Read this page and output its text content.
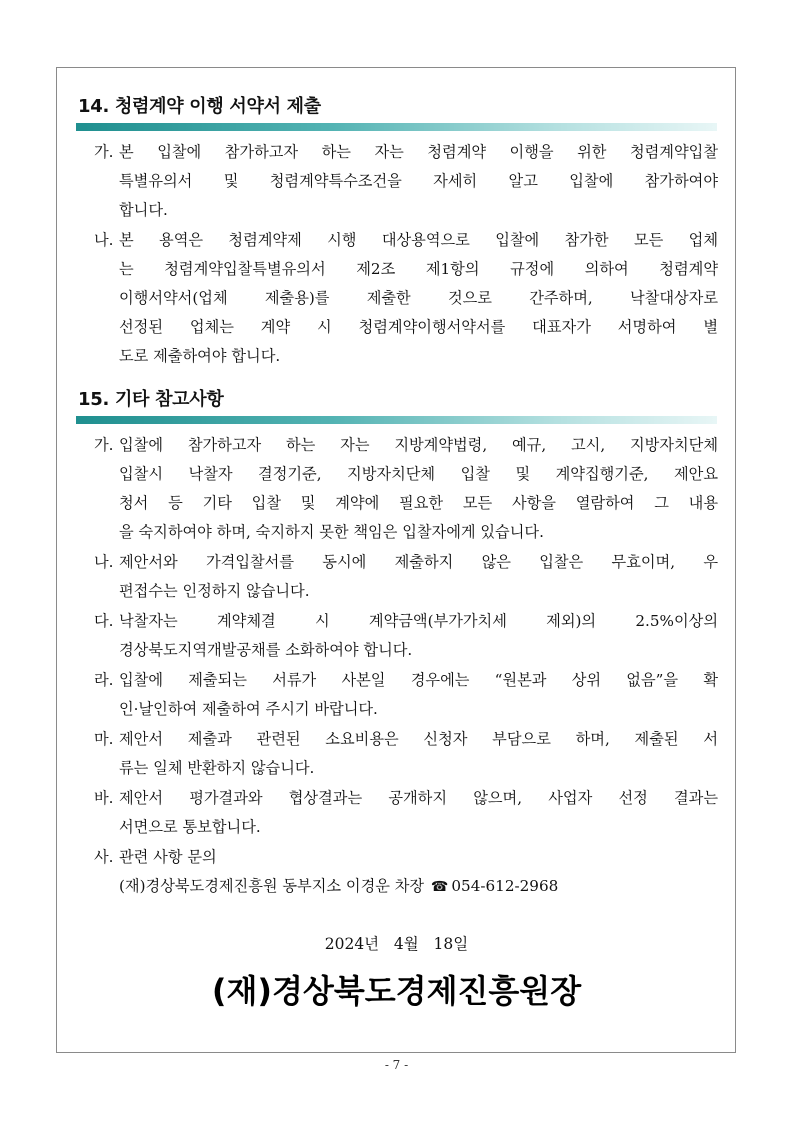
14. 청렴계약 이행 서약서 제출
가. 본 입찰에 참가하고자 하는 자는 청렴계약 이행을 위한 청렴계약입찰
특별유의서 및 청렴계약특수조건을 자세히 알고 입찰에 참가하여야
합니다.
나. 본 용역은 청렴계약제 시행 대상용역으로 입찰에 참가한 모든 업체
는 청렴계약입찰특별유의서 제2조 제1항의 규정에 의하여 청렴계약
이행서약서(업체 제출용)를 제출한 것으로 간주하며, 낙찰대상자로
선정된 업체는 계약 시 청렴계약이행서약서를 대표자가 서명하여 별
도로 제출하여야 합니다.
15. 기타 참고사항
가. 입찰에 참가하고자 하는 자는 지방계약법령, 예규, 고시, 지방자치단체
입찰시 낙찰자 결정기준, 지방자치단체 입찰 및 계약집행기준, 제안요
청서 등 기타 입찰 및 계약에 필요한 모든 사항을 열람하여 그 내용
을 숙지하여야 하며, 숙지하지 못한 책임은 입찰자에게 있습니다.
나. 제안서와 가격입찰서를 동시에 제출하지 않은 입찰은 무효이며, 우
편접수는 인정하지 않습니다.
다. 낙찰자는 계약체결 시 계약금액(부가가치세 제외)의 2.5%이상의
경상북도지역개발공채를 소화하여야 합니다.
라. 입찰에 제출되는 서류가 사본일 경우에는 “원본과 상위 없음”을 확
인·날인하여 제출하여 주시기 바랍니다.
마. 제안서 제출과 관련된 소요비용은 신청자 부담으로 하며, 제출된 서
류는 일체 반환하지 않습니다.
바. 제안서 평가결과와 협상결과는 공개하지 않으며, 사업자 선정 결과는
서면으로 통보합니다.
사. 관련 사항 문의
(재)경상북도경제진흥원 동부지소 이경운 차장 ☎ 054-612-2968
2024년   4월   18일
(재)경상북도경제진흥원장
- 7 -
